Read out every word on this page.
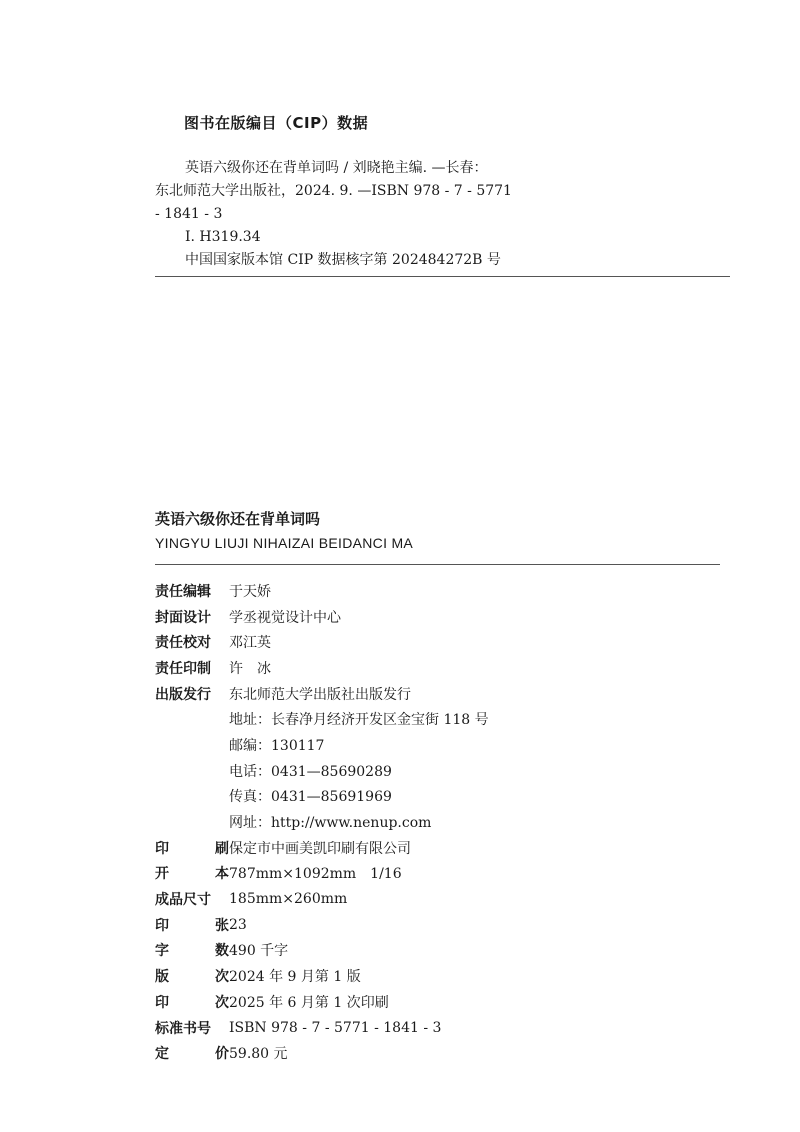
图书在版编目（CIP）数据
英语六级你还在背单词吗 / 刘晓艳主编. —长春：
东北师范大学出版社，2024. 9. —ISBN 978 - 7 - 5771
- 1841 - 3
Ⅰ. H319.34
中国国家版本馆 CIP 数据核字第 202484272B 号
英语六级你还在背单词吗
YINGYU LIUJI NIHAIZAI BEIDANCI MA
责任编辑	于天娇
封面设计	学丞视觉设计中心
责任校对	邓江英
责任印制	许　冰
出版发行	东北师范大学出版社出版发行
地址：长春净月经济开发区金宝街 118 号
邮编：130117
电话：0431—85690289
传真：0431—85691969
网址：http://www.nenup.com
印	刷 保定市中画美凯印刷有限公司
开	本 787mm×1092mm　1/16
成品尺寸	185mm×260mm
印	张 23
字	数 490 千字
版	次 2024 年 9 月第 1 版
印	次 2025 年 6 月第 1 次印刷
标准书号	ISBN 978 - 7 - 5771 - 1841 - 3
定	价 59.80 元
